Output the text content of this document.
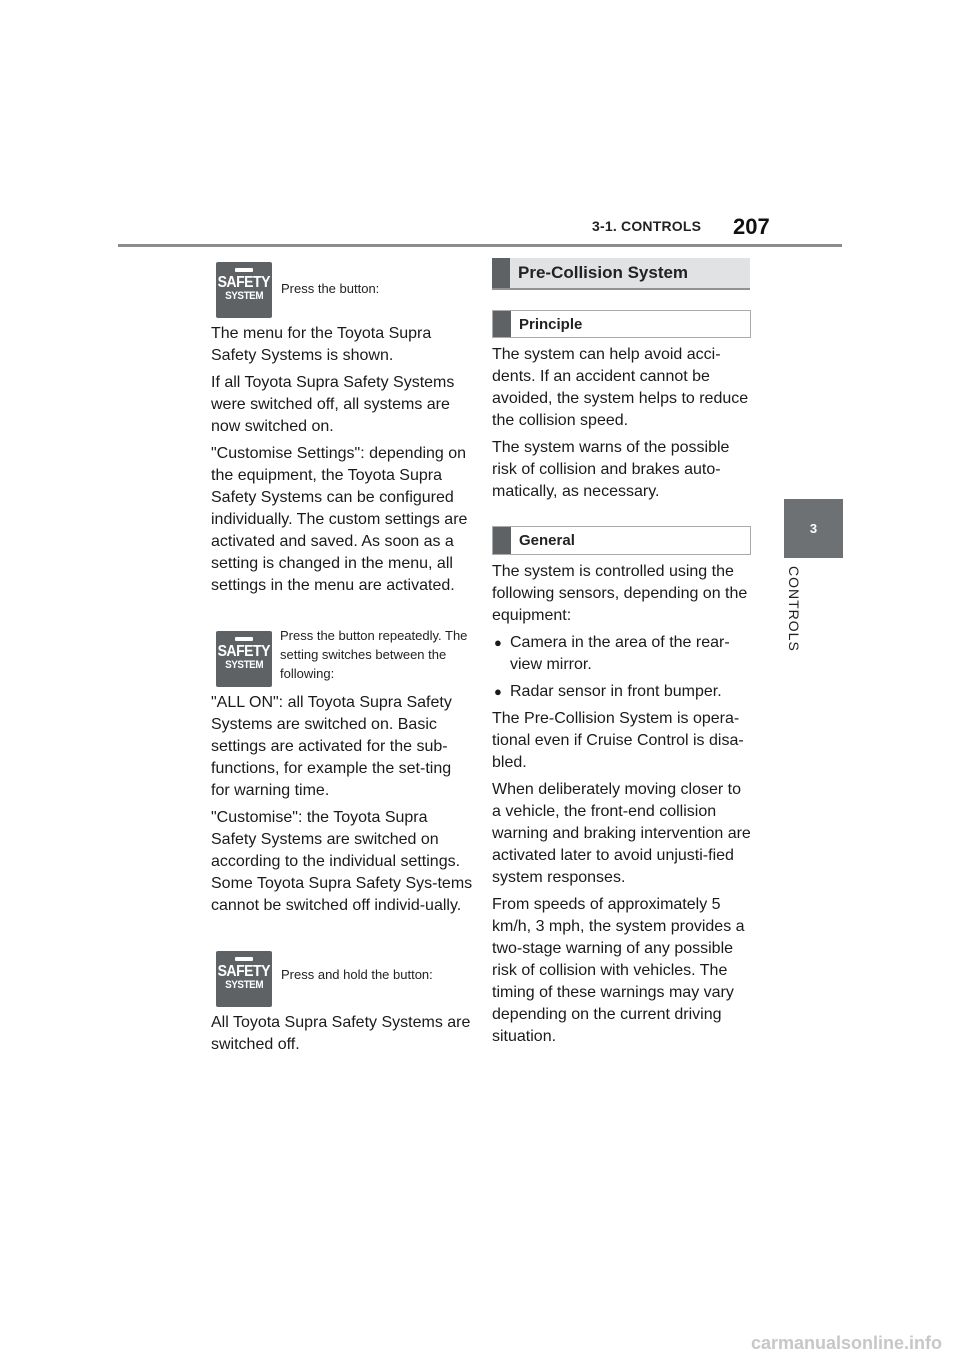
3-1. CONTROLS 207
3
CONTROLS
SAFETY
SYSTEM Press the button:

The menu for the Toyota Supra Safety Systems is shown.

If all Toyota Supra Safety Systems were switched off, all systems are now switched on.

"Customise Settings": depending on the equipment, the Toyota Supra Safety Systems can be configured individually. The custom settings are activated and saved. As soon as a setting is changed in the menu, all settings in the menu are activated.

SAFETY
SYSTEM
Press the button repeatedly. The setting switches between the following:

"ALL ON": all Toyota Supra Safety Systems are switched on. Basic settings are activated for the sub-functions, for example the set-ting for warning time.

"Customise": the Toyota Supra Safety Systems are switched on according to the individual settings. Some Toyota Supra Safety Sys-tems cannot be switched off individ-ually.

SAFETY
SYSTEM
Press and hold the button:

All Toyota Supra Safety Systems are switched off.

Pre-Collision System
Principle

The system can help avoid acci-dents. If an accident cannot be avoided, the system helps to reduce the collision speed.

The system warns of the possible risk of collision and brakes auto-matically, as necessary.

General

The system is controlled using the following sensors, depending on the equipment:

● Camera in the area of the rear-view mirror.
● Radar sensor in front bumper.

The Pre-Collision System is opera-tional even if Cruise Control is disa-bled.

When deliberately moving closer to a vehicle, the front-end collision warning and braking intervention are activated later to avoid unjusti-fied system responses.

From speeds of approximately 5 km/h, 3 mph, the system provides a two-stage warning of any possible risk of collision with vehicles. The timing of these warnings may vary depending on the current driving situation.

carmanualsonline.info
